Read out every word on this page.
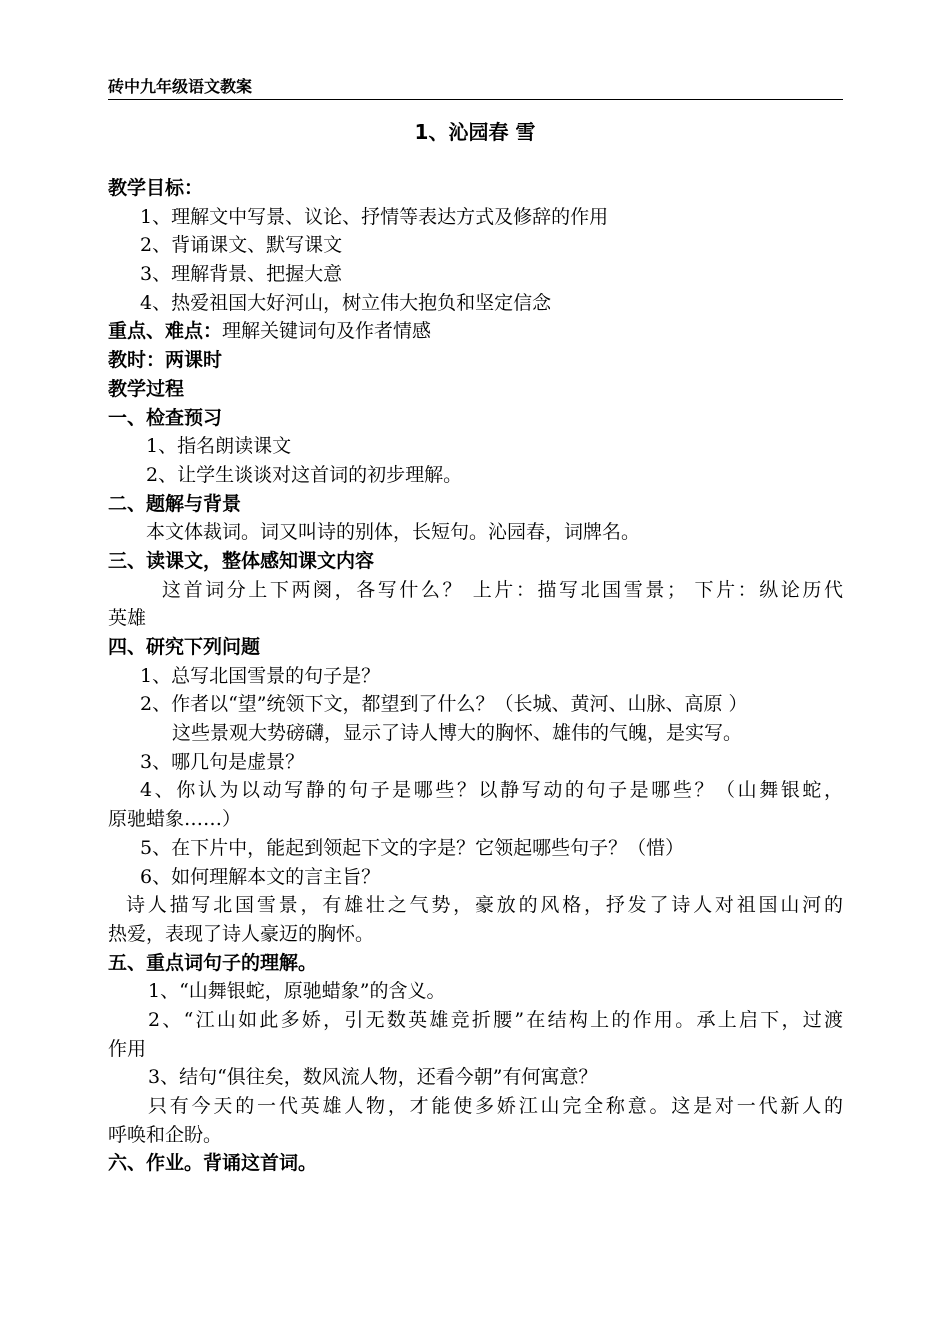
砖中九年级语文教案
1、沁园春 雪
教学目标：
1、理解文中写景、议论、抒情等表达方式及修辞的作用
2、背诵课文、默写课文
3、理解背景、把握大意
4、热爱祖国大好河山，树立伟大抱负和坚定信念
重点、难点：理解关键词句及作者情感
教时：两课时
教学过程
一、检查预习
1、指名朗读课文
2、让学生谈谈对这首词的初步理解。
二、题解与背景
本文体裁词。词又叫诗的别体，长短句。沁园春，词牌名。
三、读课文，整体感知课文内容
这首词分上下两阕，各写什么？ 上片：描写北国雪景； 下片：纵论历代
英雄
四、研究下列问题
1、总写北国雪景的句子是？
2、作者以“望”统领下文，都望到了什么？（长城、黄河、山脉、高原 ）
这些景观大势磅礴，显示了诗人博大的胸怀、雄伟的气魄，是实写。
3、哪几句是虚景？
4、你认为以动写静的句子是哪些？以静写动的句子是哪些？（山舞银蛇，
原驰蜡象……）
5、在下片中，能起到领起下文的字是？它领起哪些句子？（惜）
6、如何理解本文的言主旨？
诗人描写北国雪景，有雄壮之气势，豪放的风格，抒发了诗人对祖国山河的
热爱，表现了诗人豪迈的胸怀。
五、重点词句子的理解。
1、“山舞银蛇，原驰蜡象”的含义。
2、“江山如此多娇，引无数英雄竞折腰”在结构上的作用。承上启下，过渡
作用
3、结句“俱往矣，数风流人物，还看今朝”有何寓意？
只有今天的一代英雄人物，才能使多娇江山完全称意。这是对一代新人的
呼唤和企盼。
六、作业。背诵这首词。
